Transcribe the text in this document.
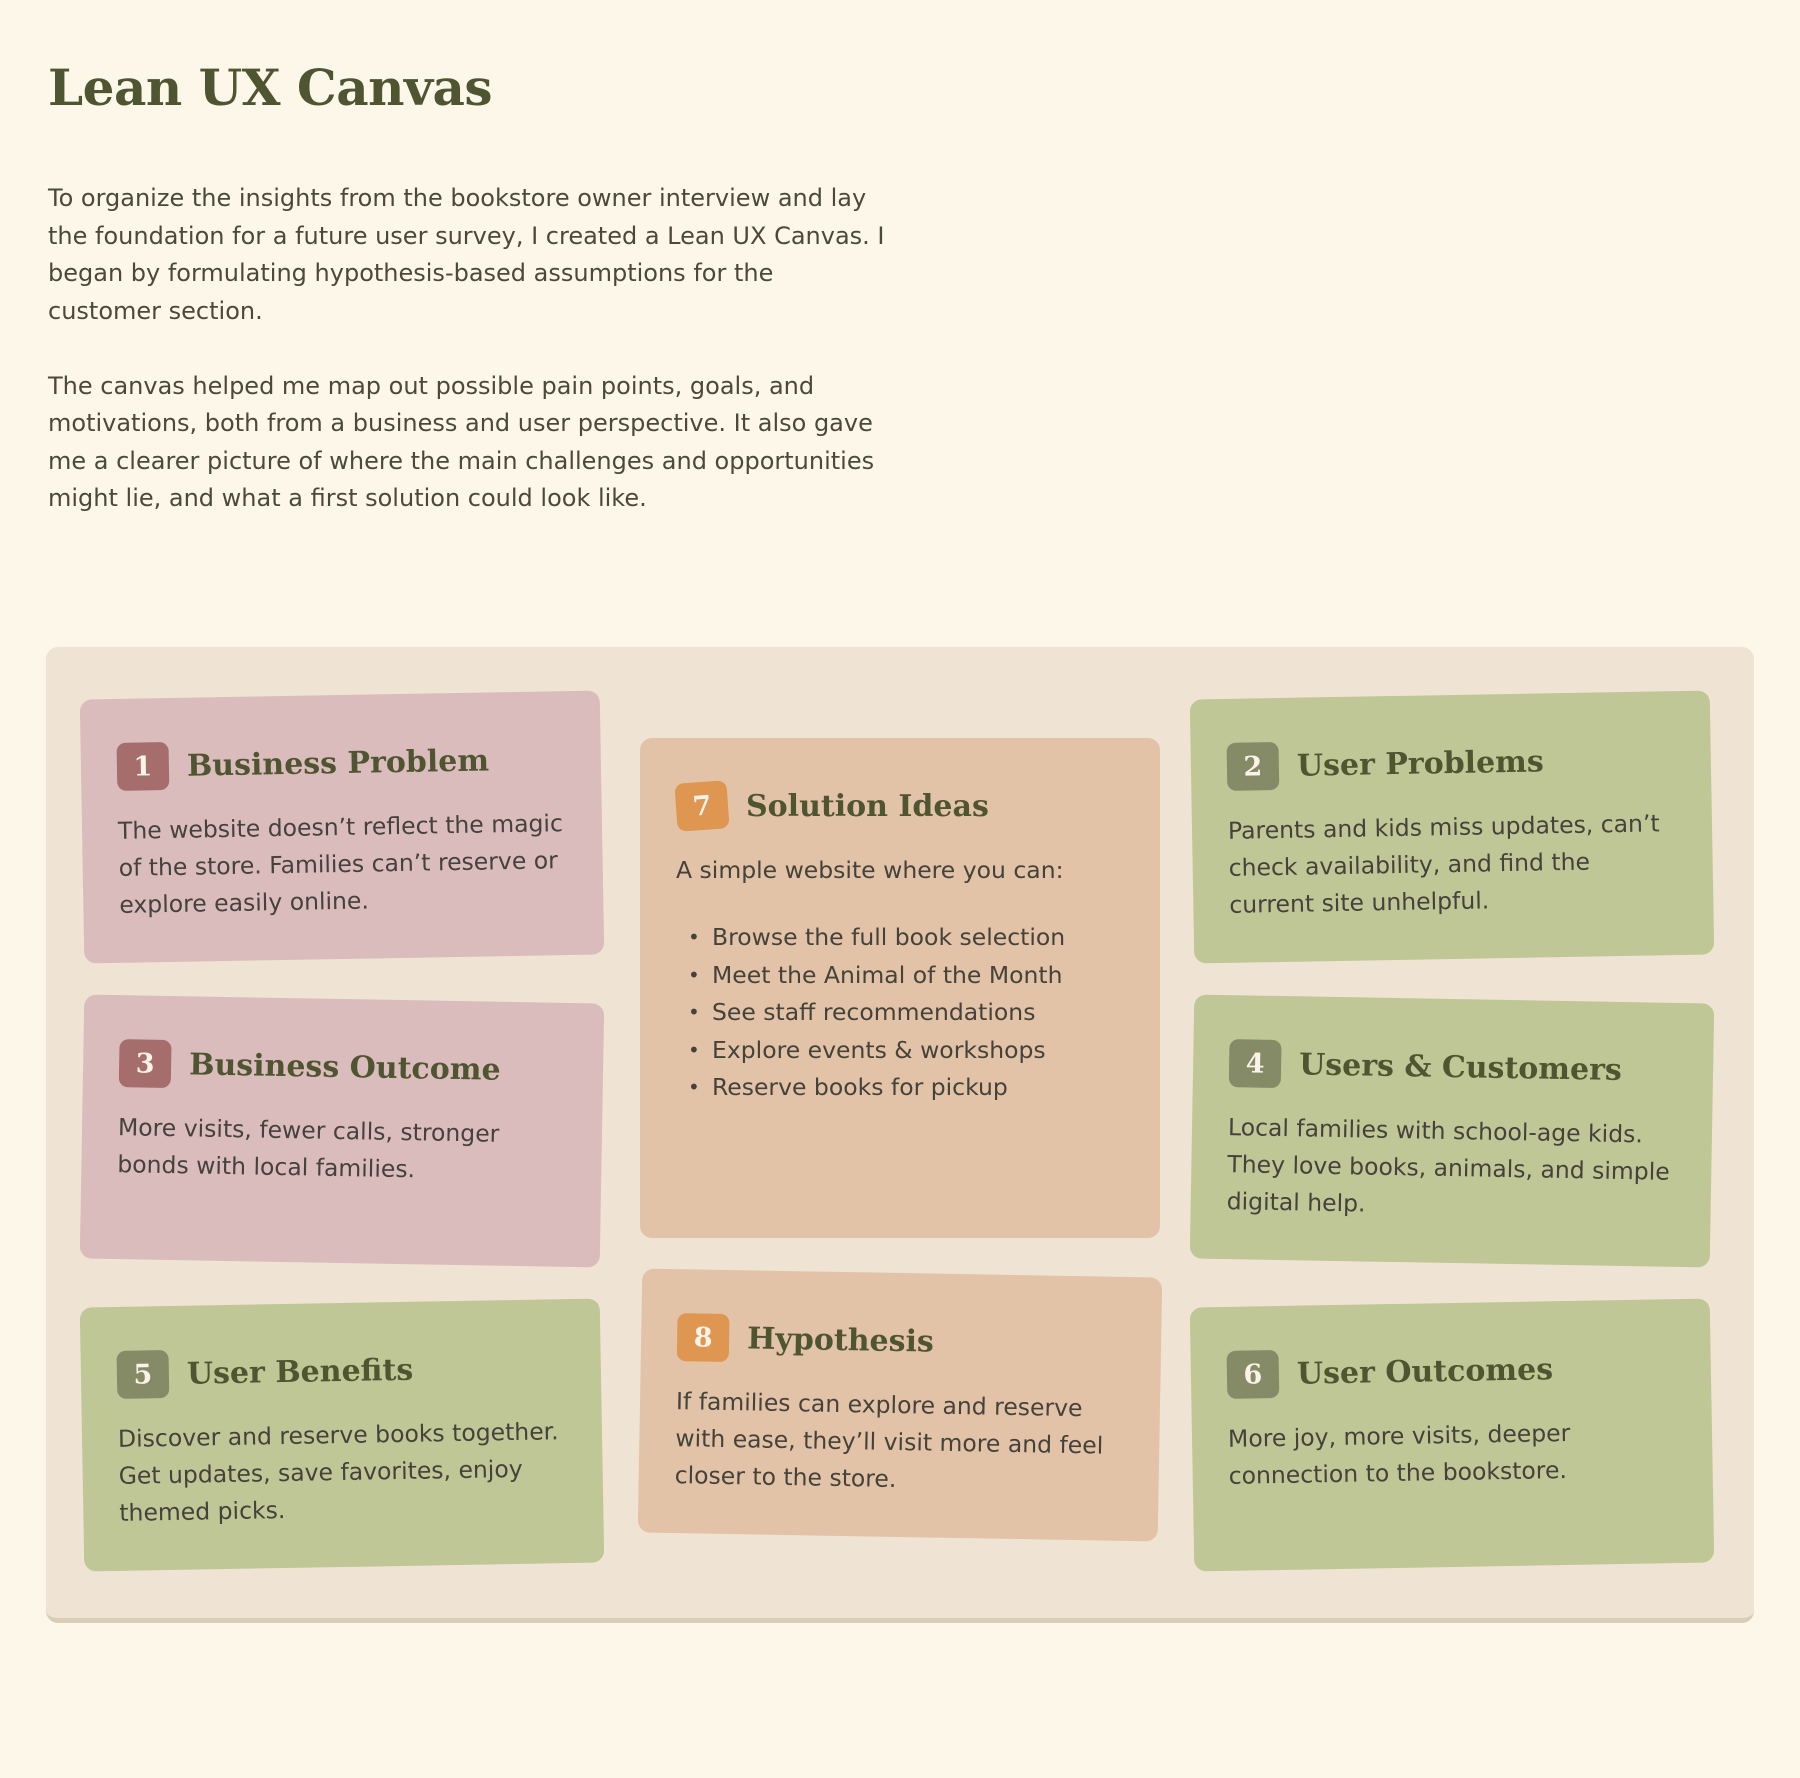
Lean UX Canvas

To organize the insights from the bookstore owner interview and lay the foundation for a future user survey, I created a Lean UX Canvas. I began by formulating hypothesis-based assumptions for the customer section.

The canvas helped me map out possible pain points, goals, and motivations, both from a business and user perspective. It also gave me a clearer picture of where the main challenges and opportunities might lie, and what a first solution could look like.

1	Business Problem
The website doesn’t reflect the magic of the store. Families can’t reserve or explore easily online.
3	Business Outcome
More visits, fewer calls, stronger bonds with local families.
5	User Benefits
Discover and reserve books together. Get updates, save favorites, enjoy themed picks.
7	Solution Ideas
A simple website where you can:
• Browse the full book selection
• Meet the Animal of the Month
• See staff recommendations
• Explore events & workshops
• Reserve books for pickup
8	Hypothesis
If families can explore and reserve with ease, they’ll visit more and feel closer to the store.
2	User Problems
Parents and kids miss updates, can’t check availability, and find the current site unhelpful.
4	Users & Customers
Local families with school-age kids. They love books, animals, and simple digital help.
6	User Outcomes
More joy, more visits, deeper connection to the bookstore.
